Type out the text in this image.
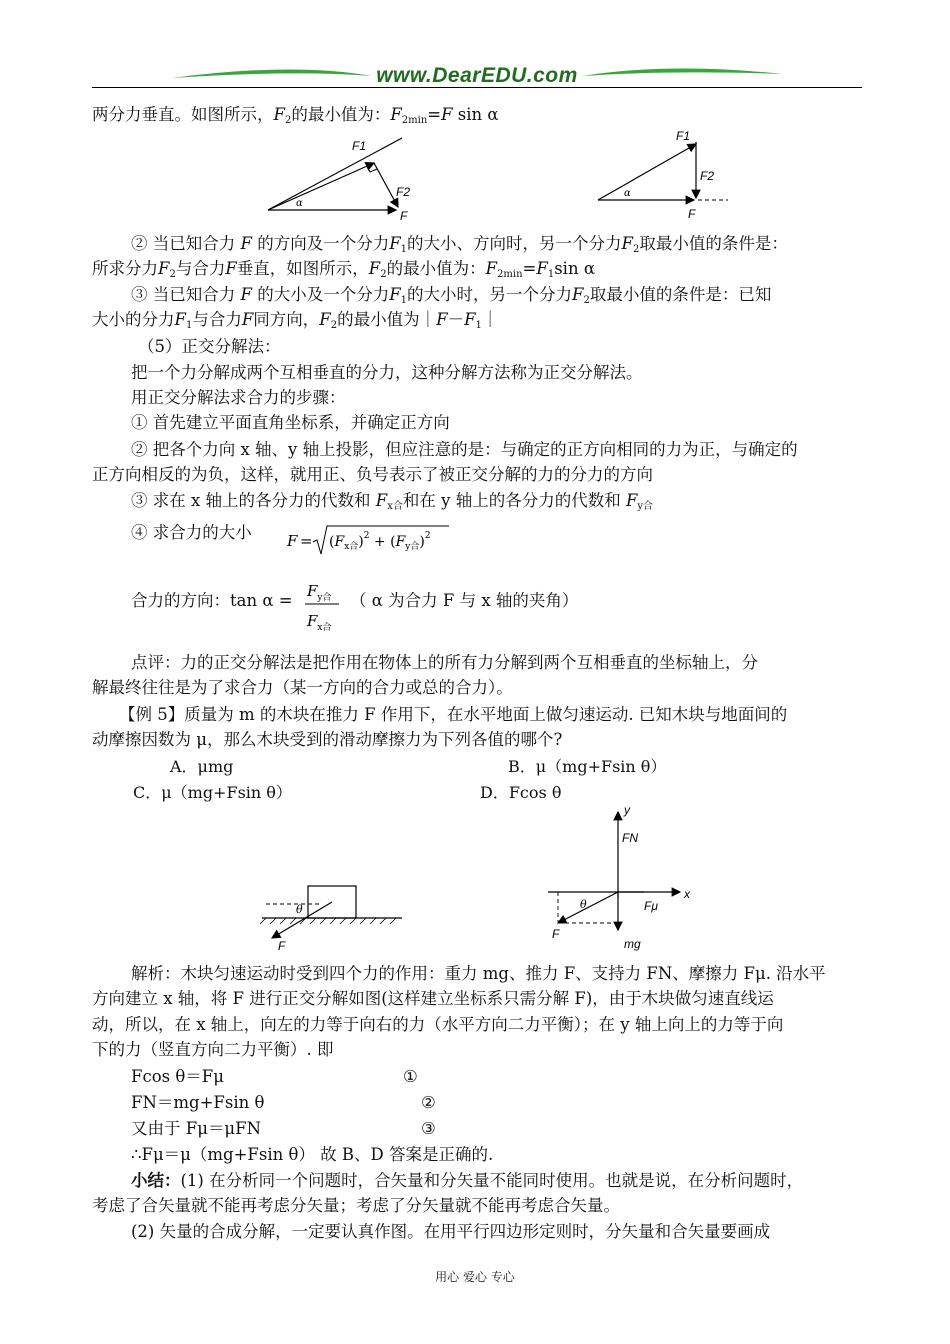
www.DearEDU.com
两分力垂直。如图所示，$F_2$的最小值为：$F_{2min}=F$ sin α
F1
F2
F
α
F1
F2
F
α
② 当已知合力 F 的方向及一个分力$F_1$的大小、方向时，另一个分力$F_2$取最小值的条件是：
所求分力$F_2$与合力F垂直，如图所示，$F_2$的最小值为：$F_{2min}=F_1\sin$ α
③ 当已知合力 F 的大小及一个分力$F_1$的大小时，另一个分力$F_2$取最小值的条件是：已知
大小的分力$F_1$与合力F同方向，$F_2$的最小值为$|F-F_1|$
（5）正交分解法：
把一个力分解成两个互相垂直的分力，这种分解方法称为正交分解法。
用正交分解法求合力的步骤：
① 首先建立平面直角坐标系，并确定正方向
② 把各个力向 x 轴、y 轴上投影，但应注意的是：与确定的正方向相同的力为正，与确定的
正方向相反的为负，这样，就用正、负号表示了被正交分解的力的分力的方向
③ 求在 x 轴上的各分力的代数和 $F_{x合}$和在 y 轴上的各分力的代数和 $F_{y合}$
④ 求合力的大小 $F = (F_{x合})^2 + (F_{y合})^2$
合力的方向：$\tan \alpha = F_{y合}$
$F_{x合}$
（ α 为合力 F 与 x 轴的夹角）
点评：力的正交分解法是把作用在物体上的所有力分解到两个互相垂直的坐标轴上，分
解最终往往是为了求合力（某一方向的合力或总的合力）。
【例 5】质量为 m 的木块在推力 F 作用下，在水平地面上做匀速运动. 已知木块与地面间的
动摩擦因数为 μ，那么木块受到的滑动摩擦力为下列各值的哪个?
A．μmg	B．μ（mg+Fsin θ）
C．μ（mg+Fsin θ）	D．Fcos θ
θ
F
y
x
FN
Fμ
mg
θ
F
解析：木块匀速运动时受到四个力的作用：重力 mg、推力 F、支持力 FN、摩擦力 Fμ. 沿水平
方向建立 x 轴，将 F 进行正交分解如图(这样建立坐标系只需分解 F)，由于木块做匀速直线运
动，所以，在 x 轴上，向左的力等于向右的力（水平方向二力平衡）；在 y 轴上向上的力等于向
下的力（竖直方向二力平衡）. 即
Fcos θ＝Fμ	①
FN＝mg+Fsin θ	②
又由于 Fμ＝μFN	③
∴Fμ＝μ（mg+Fsin θ） 故 B、D 答案是正确的.
小结：(1) 在分析同一个问题时，合矢量和分矢量不能同时使用。也就是说，在分析问题时，
考虑了合矢量就不能再考虑分矢量；考虑了分矢量就不能再考虑合矢量。
(2) 矢量的合成分解，一定要认真作图。在用平行四边形定则时，分矢量和合矢量要画成
用心 爱心 专心
